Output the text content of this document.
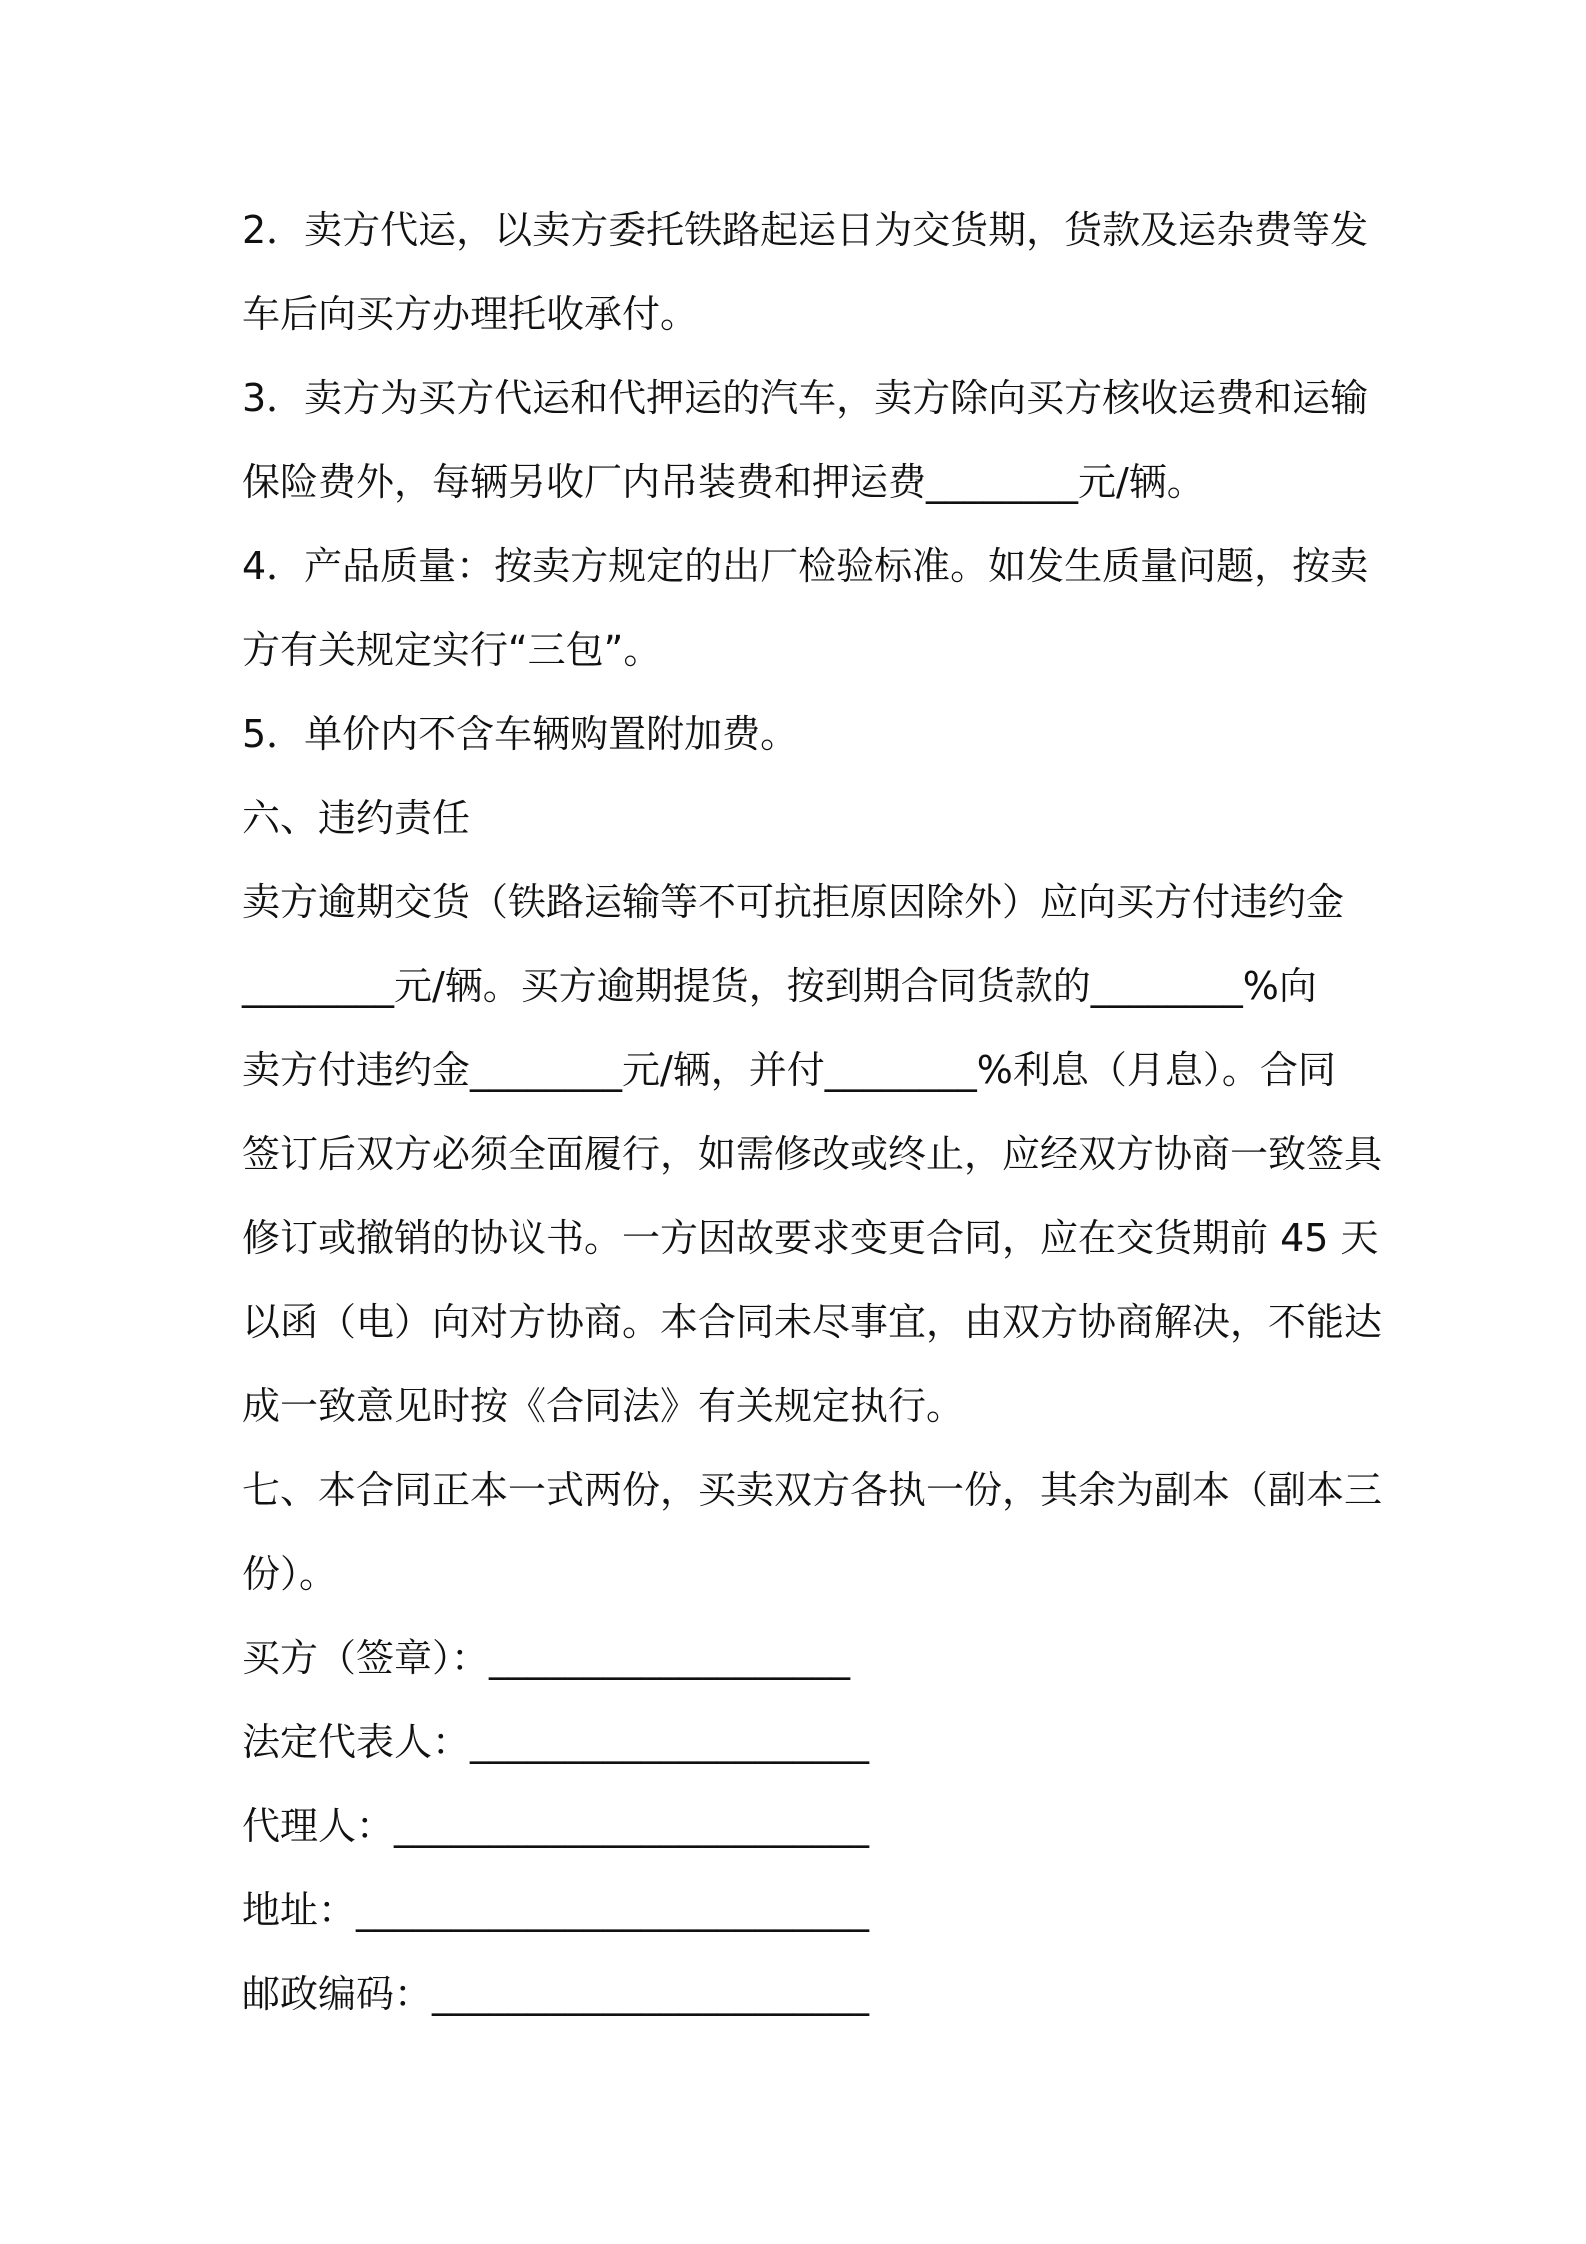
2．卖方代运，以卖方委托铁路起运日为交货期，货款及运杂费等发
车后向买方办理托收承付。
3．卖方为买方代运和代押运的汽车，卖方除向买方核收运费和运输
保险费外，每辆另收厂内吊装费和押运费________元/辆。
4．产品质量：按卖方规定的出厂检验标准。如发生质量问题，按卖
方有关规定实行“三包”。
5．单价内不含车辆购置附加费。
六、违约责任
卖方逾期交货（铁路运输等不可抗拒原因除外）应向买方付违约金
________元/辆。买方逾期提货，按到期合同货款的________%向
卖方付违约金________元/辆，并付________%利息（月息）。合同
签订后双方必须全面履行，如需修改或终止，应经双方协商一致签具
修订或撤销的协议书。一方因故要求变更合同，应在交货期前 45 天
以函（电）向对方协商。本合同未尽事宜，由双方协商解决，不能达
成一致意见时按《合同法》有关规定执行。
七、本合同正本一式两份，买卖双方各执一份，其余为副本（副本三
份）。
买方（签章）：___________________
法定代表人：_____________________
代理人：_________________________
地址：___________________________
邮政编码：_______________________
